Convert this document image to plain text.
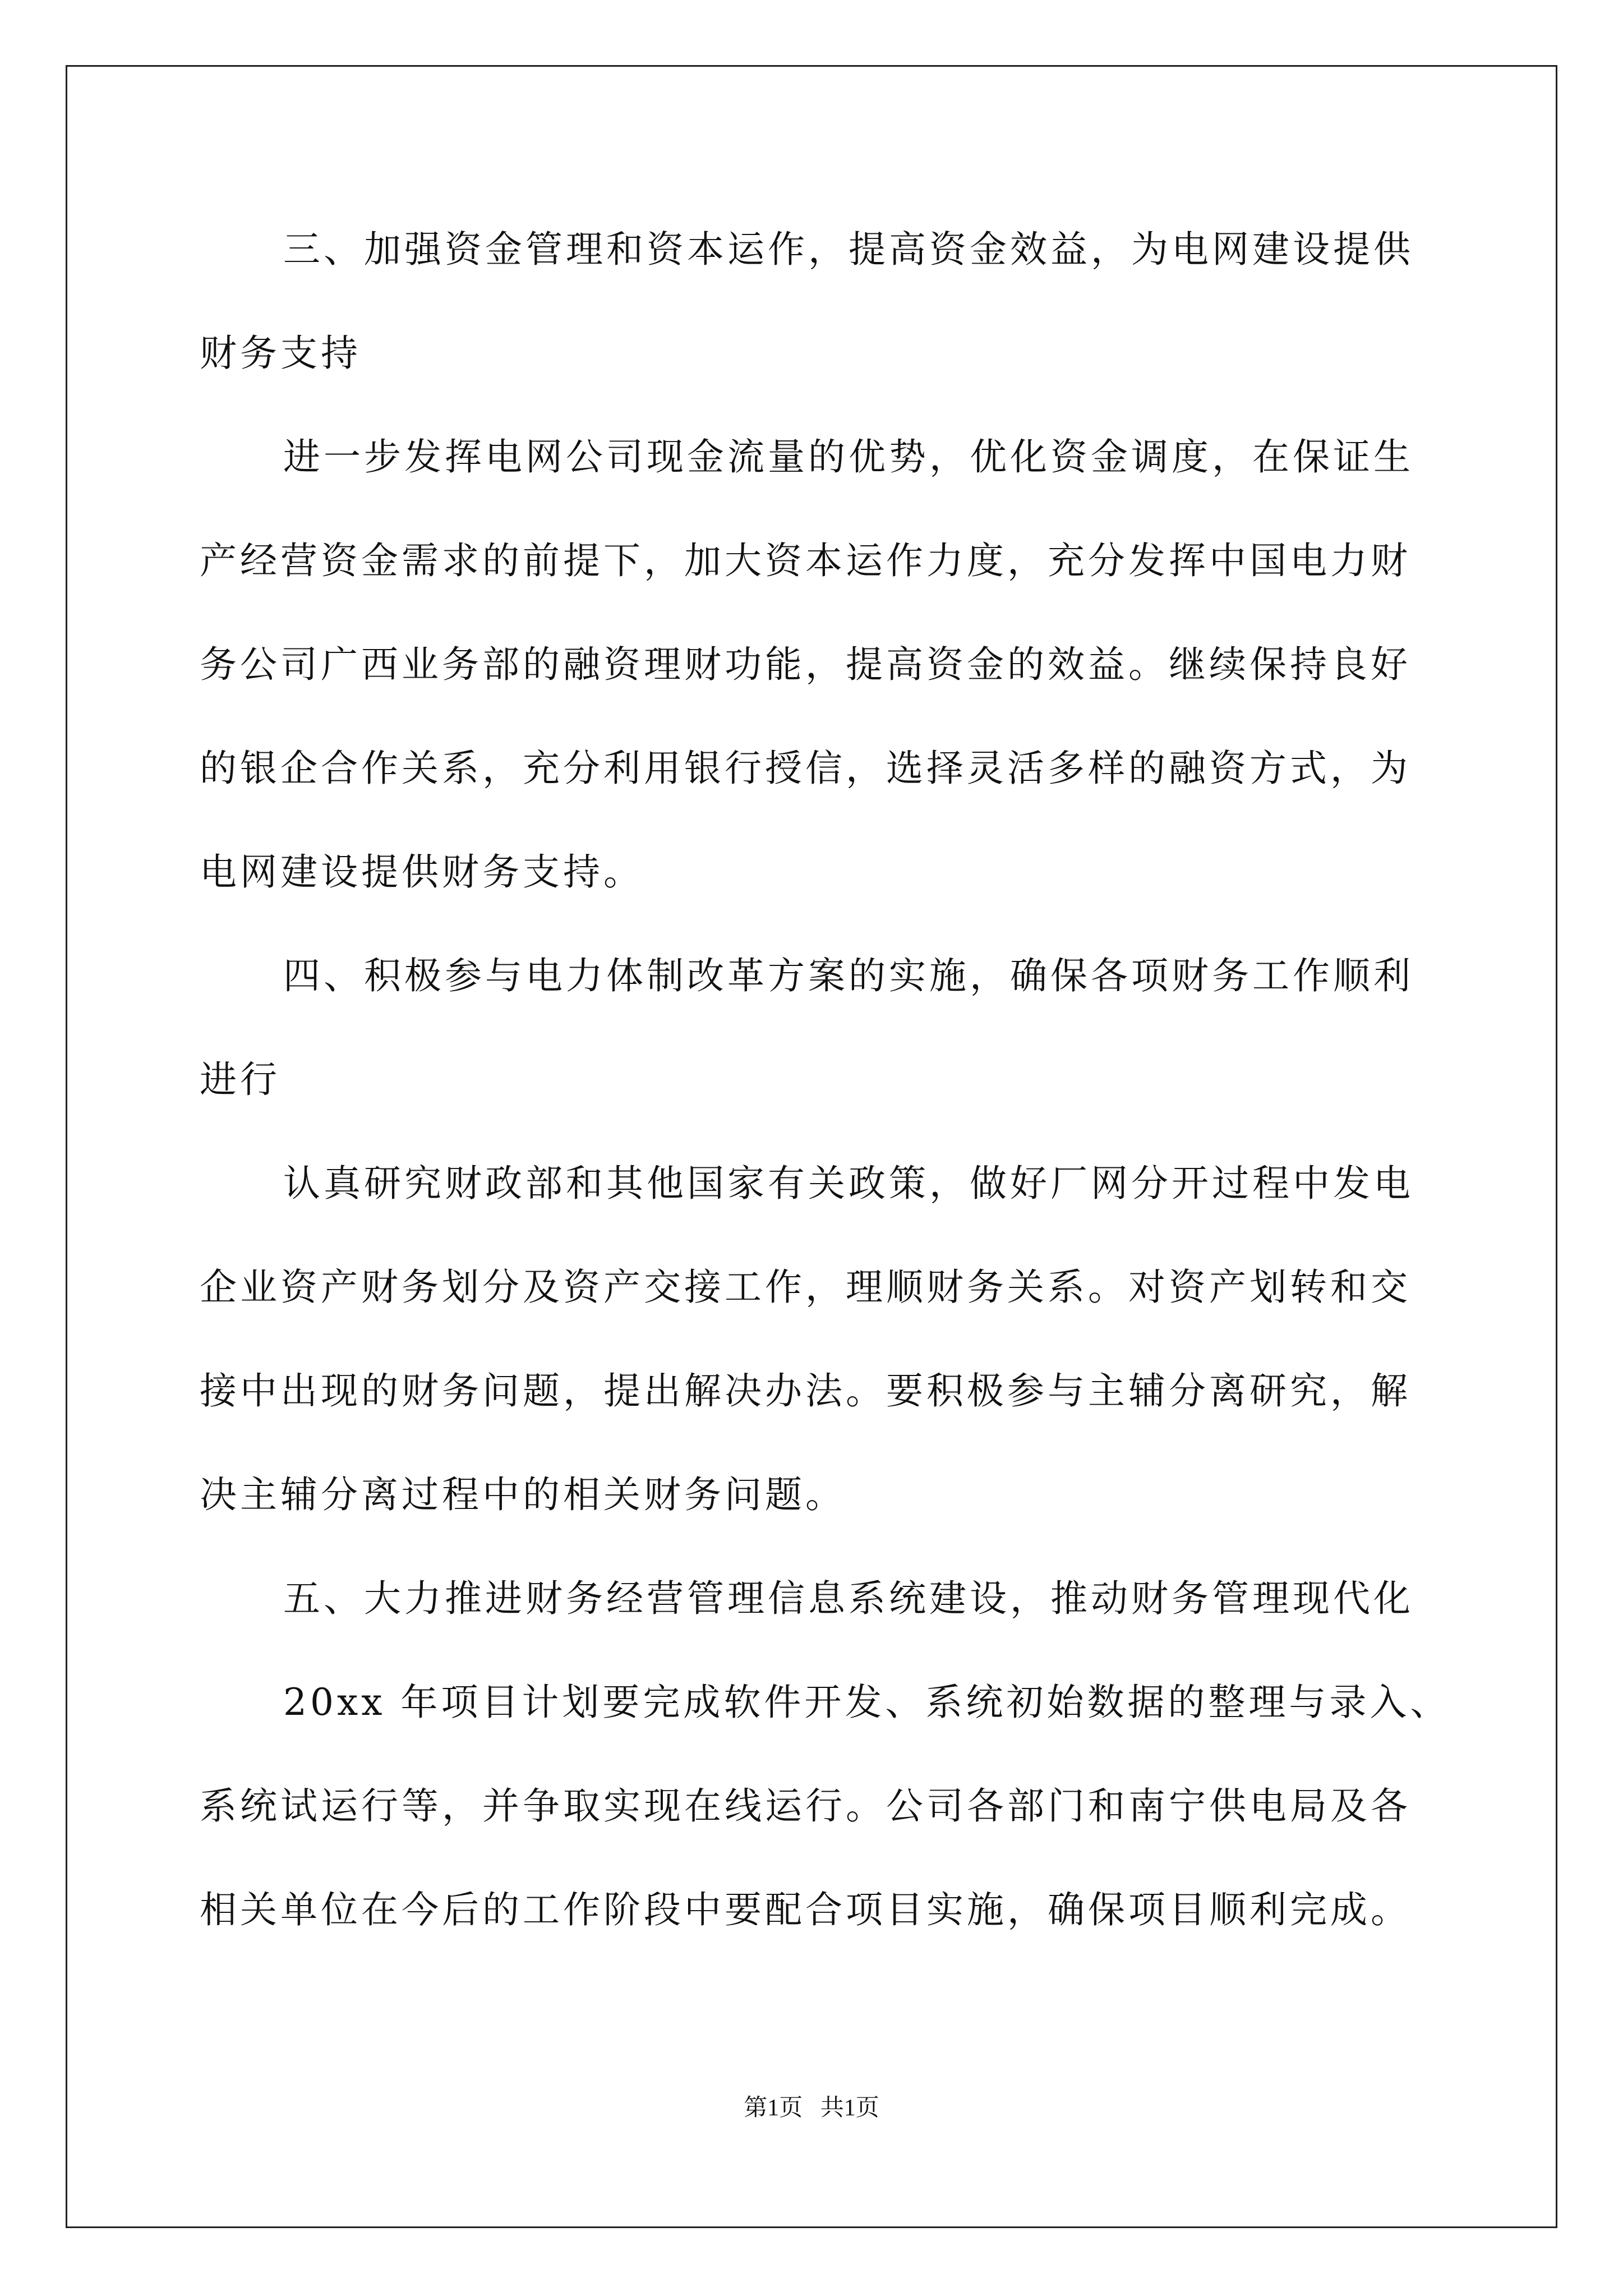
三、加强资金管理和资本运作，提高资金效益，为电网建设提供
财务支持
进一步发挥电网公司现金流量的优势，优化资金调度，在保证生
产经营资金需求的前提下，加大资本运作力度，充分发挥中国电力财
务公司广西业务部的融资理财功能，提高资金的效益。继续保持良好
的银企合作关系，充分利用银行授信，选择灵活多样的融资方式，为
电网建设提供财务支持。
四、积极参与电力体制改革方案的实施，确保各项财务工作顺利
进行
认真研究财政部和其他国家有关政策，做好厂网分开过程中发电
企业资产财务划分及资产交接工作，理顺财务关系。对资产划转和交
接中出现的财务问题，提出解决办法。要积极参与主辅分离研究，解
决主辅分离过程中的相关财务问题。
五、大力推进财务经营管理信息系统建设，推动财务管理现代化
20xx 年项目计划要完成软件开发、系统初始数据的整理与录入、
系统试运行等，并争取实现在线运行。公司各部门和南宁供电局及各
相关单位在今后的工作阶段中要配合项目实施，确保项目顺利完成。
第1页   共1页
